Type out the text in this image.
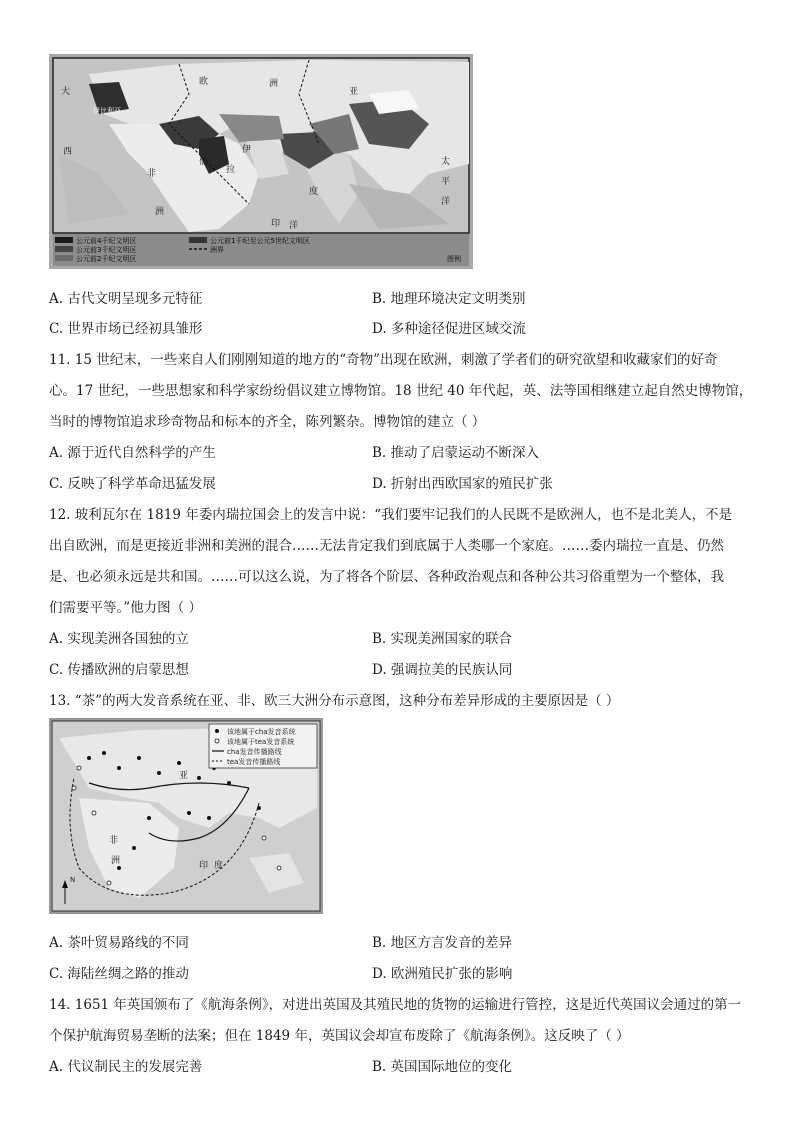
公元前4千纪文明区
公元前3千纪文明区
公元前2千纪文明区
公元前1千纪至公元5世纪文明区
洲界
图例
大
欧
伊比利亚
西
非
洲
伊
拉
伯
亚
度
印 洋
洲
太
平
洋
A. 古代文明呈现多元特征	B. 地理环境决定文明类别
C. 世界市场已经初具雏形	D. 多种途径促进区域交流
11. 15 世纪末，一些来自人们刚刚知道的地方的“奇物”出现在欧洲，刺激了学者们的研究欲望和收藏家们的好奇
心。17 世纪，一些思想家和科学家纷纷倡议建立博物馆。18 世纪 40 年代起，英、法等国相继建立起自然史博物馆，
当时的博物馆追求珍奇物品和标本的齐全，陈列繁杂。博物馆的建立（ ）
A. 源于近代自然科学的产生	B. 推动了启蒙运动不断深入
C. 反映了科学革命迅猛发展	D. 折射出西欧国家的殖民扩张
12. 玻利瓦尔在 1819 年委内瑞拉国会上的发言中说：“我们要牢记我们的人民既不是欧洲人，也不是北美人，不是
出自欧洲，而是更接近非洲和美洲的混合……无法肯定我们到底属于人类哪一个家庭。……委内瑞拉一直是、仍然
是、也必须永远是共和国。……可以这么说，为了将各个阶层、各种政治观点和各种公共习俗重塑为一个整体，我
们需要平等。”他力图（ ）
A. 实现美洲各国独的立	B. 实现美洲国家的联合
C. 传播欧洲的启蒙思想	D. 强调拉美的民族认同
13. “茶”的两大发音系统在亚、非、欧三大洲分布示意图，这种分布差异形成的主要原因是（ ）
该地属于cha发音系统
该地属于tea发音系统
cha发音传播路线
tea发音传播路线
亚
非
洲	印 度
N
A. 茶叶贸易路线的不同	B. 地区方言发音的差异
C. 海陆丝绸之路的推动	D. 欧洲殖民扩张的影响
14. 1651 年英国颁布了《航海条例》，对进出英国及其殖民地的货物的运输进行管控，这是近代英国议会通过的第一
个保护航海贸易垄断的法案；但在 1849 年，英国议会却宣布废除了《航海条例》。这反映了（ ）
A. 代议制民主的发展完善	B. 英国国际地位的变化
